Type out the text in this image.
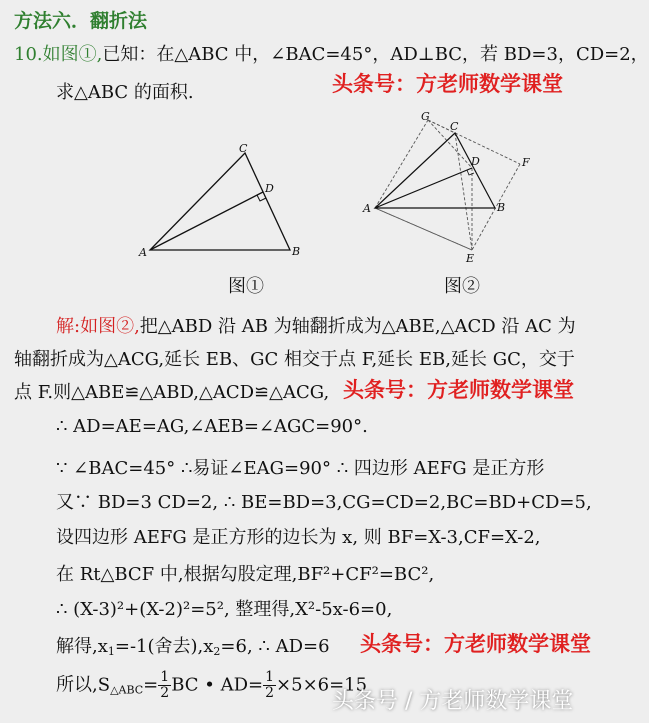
方法六．翻折法
10.如图①,已知：在△ABC 中，∠BAC=45°，AD⊥BC，若 BD=3，CD=2，
求△ABC 的面积.	头条号：方老师数学课堂
A	B
C
D
图①
A	B
C
D
E
F
G
图②
解:如图②,把△ABD 沿 AB 为轴翻折成为△ABE,△ACD 沿 AC 为
轴翻折成为△ACG,延长 EB、GC 相交于点 F,延长 EB,延长 GC，交于
点 F.则△ABE≌△ABD,△ACD≌△ACG, 头条号：方老师数学课堂
∴ AD=AE=AG,∠AEB=∠AGC=90°.
∵ ∠BAC=45° ∴易证∠EAG=90° ∴ 四边形 AEFG 是正方形
又∵ BD=3 CD=2, ∴ BE=BD=3,CG=CD=2,BC=BD+CD=5,
设四边形 AEFG 是正方形的边长为 x, 则 BF=X-3,CF=X-2,
在 Rt△BCF 中,根据勾股定理,BF²+CF²=BC²,
∴ (X-3)²+(X-2)²=5², 整理得,X²-5x-6=0,
解得$,x_1=-1$(舍去)$,x_2=6$, ∴ AD=6 头条号：方老师数学课堂
所以$,S_{\triangle ABC}= \frac{1}{2}$ BC • $AD= \frac{1}{2} \times 5\times 6=15$
头条号 / 方老师数学课堂
